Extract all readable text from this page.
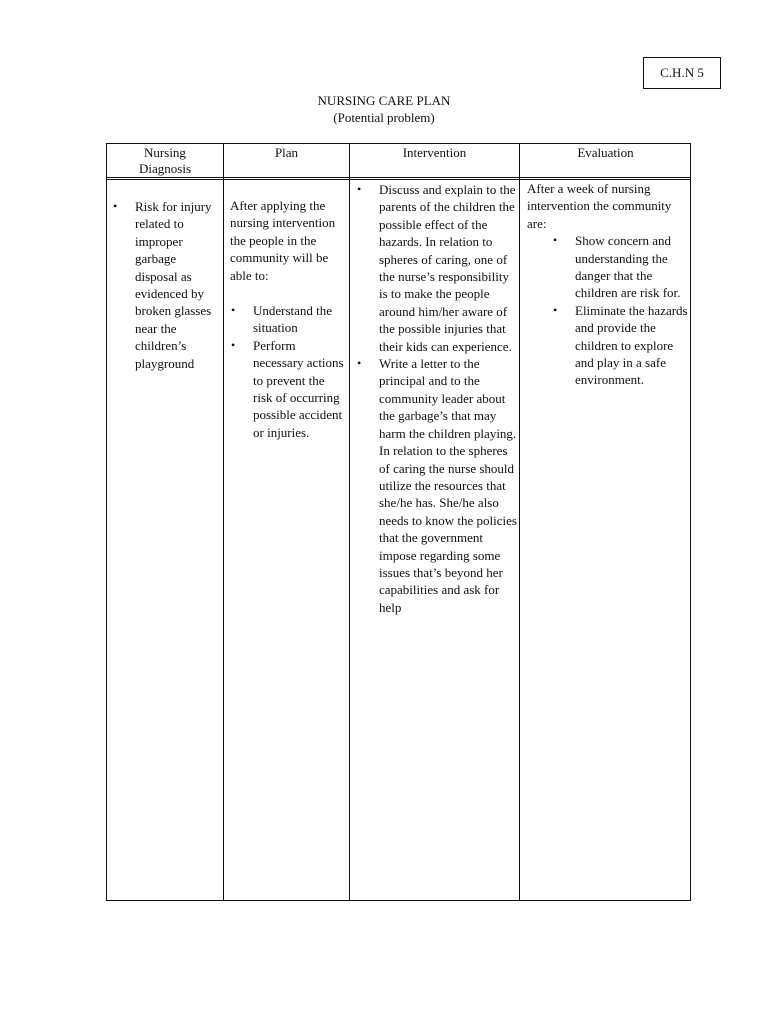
C.H.N 5
NURSING CARE PLAN
(Potential problem)
Nursing
Diagnosis
Plan	Intervention	Evaluation
• Risk for injury related to improper garbage disposal as evidenced by broken glasses near the children’s playground
After applying the nursing intervention the people in the community will be able to:
• Understand the situation
• Perform necessary actions to prevent the risk of occurring possible accident or injuries.
• Discuss and explain to the parents of the children the possible effect of the hazards. In relation to spheres of caring, one of the nurse’s responsibility is to make the people around him/her aware of the possible injuries that their kids can experience.
• Write a letter to the principal and to the community leader about the garbage’s that may harm the children playing. In relation to the spheres of caring the nurse should utilize the resources that she/he has. She/he also needs to know the policies that the government impose regarding some issues that’s beyond her capabilities and ask for help
After a week of nursing intervention the community are:
• Show concern and understanding the danger that the children are risk for.
• Eliminate the hazards and provide the children to explore and play in a safe environment.
